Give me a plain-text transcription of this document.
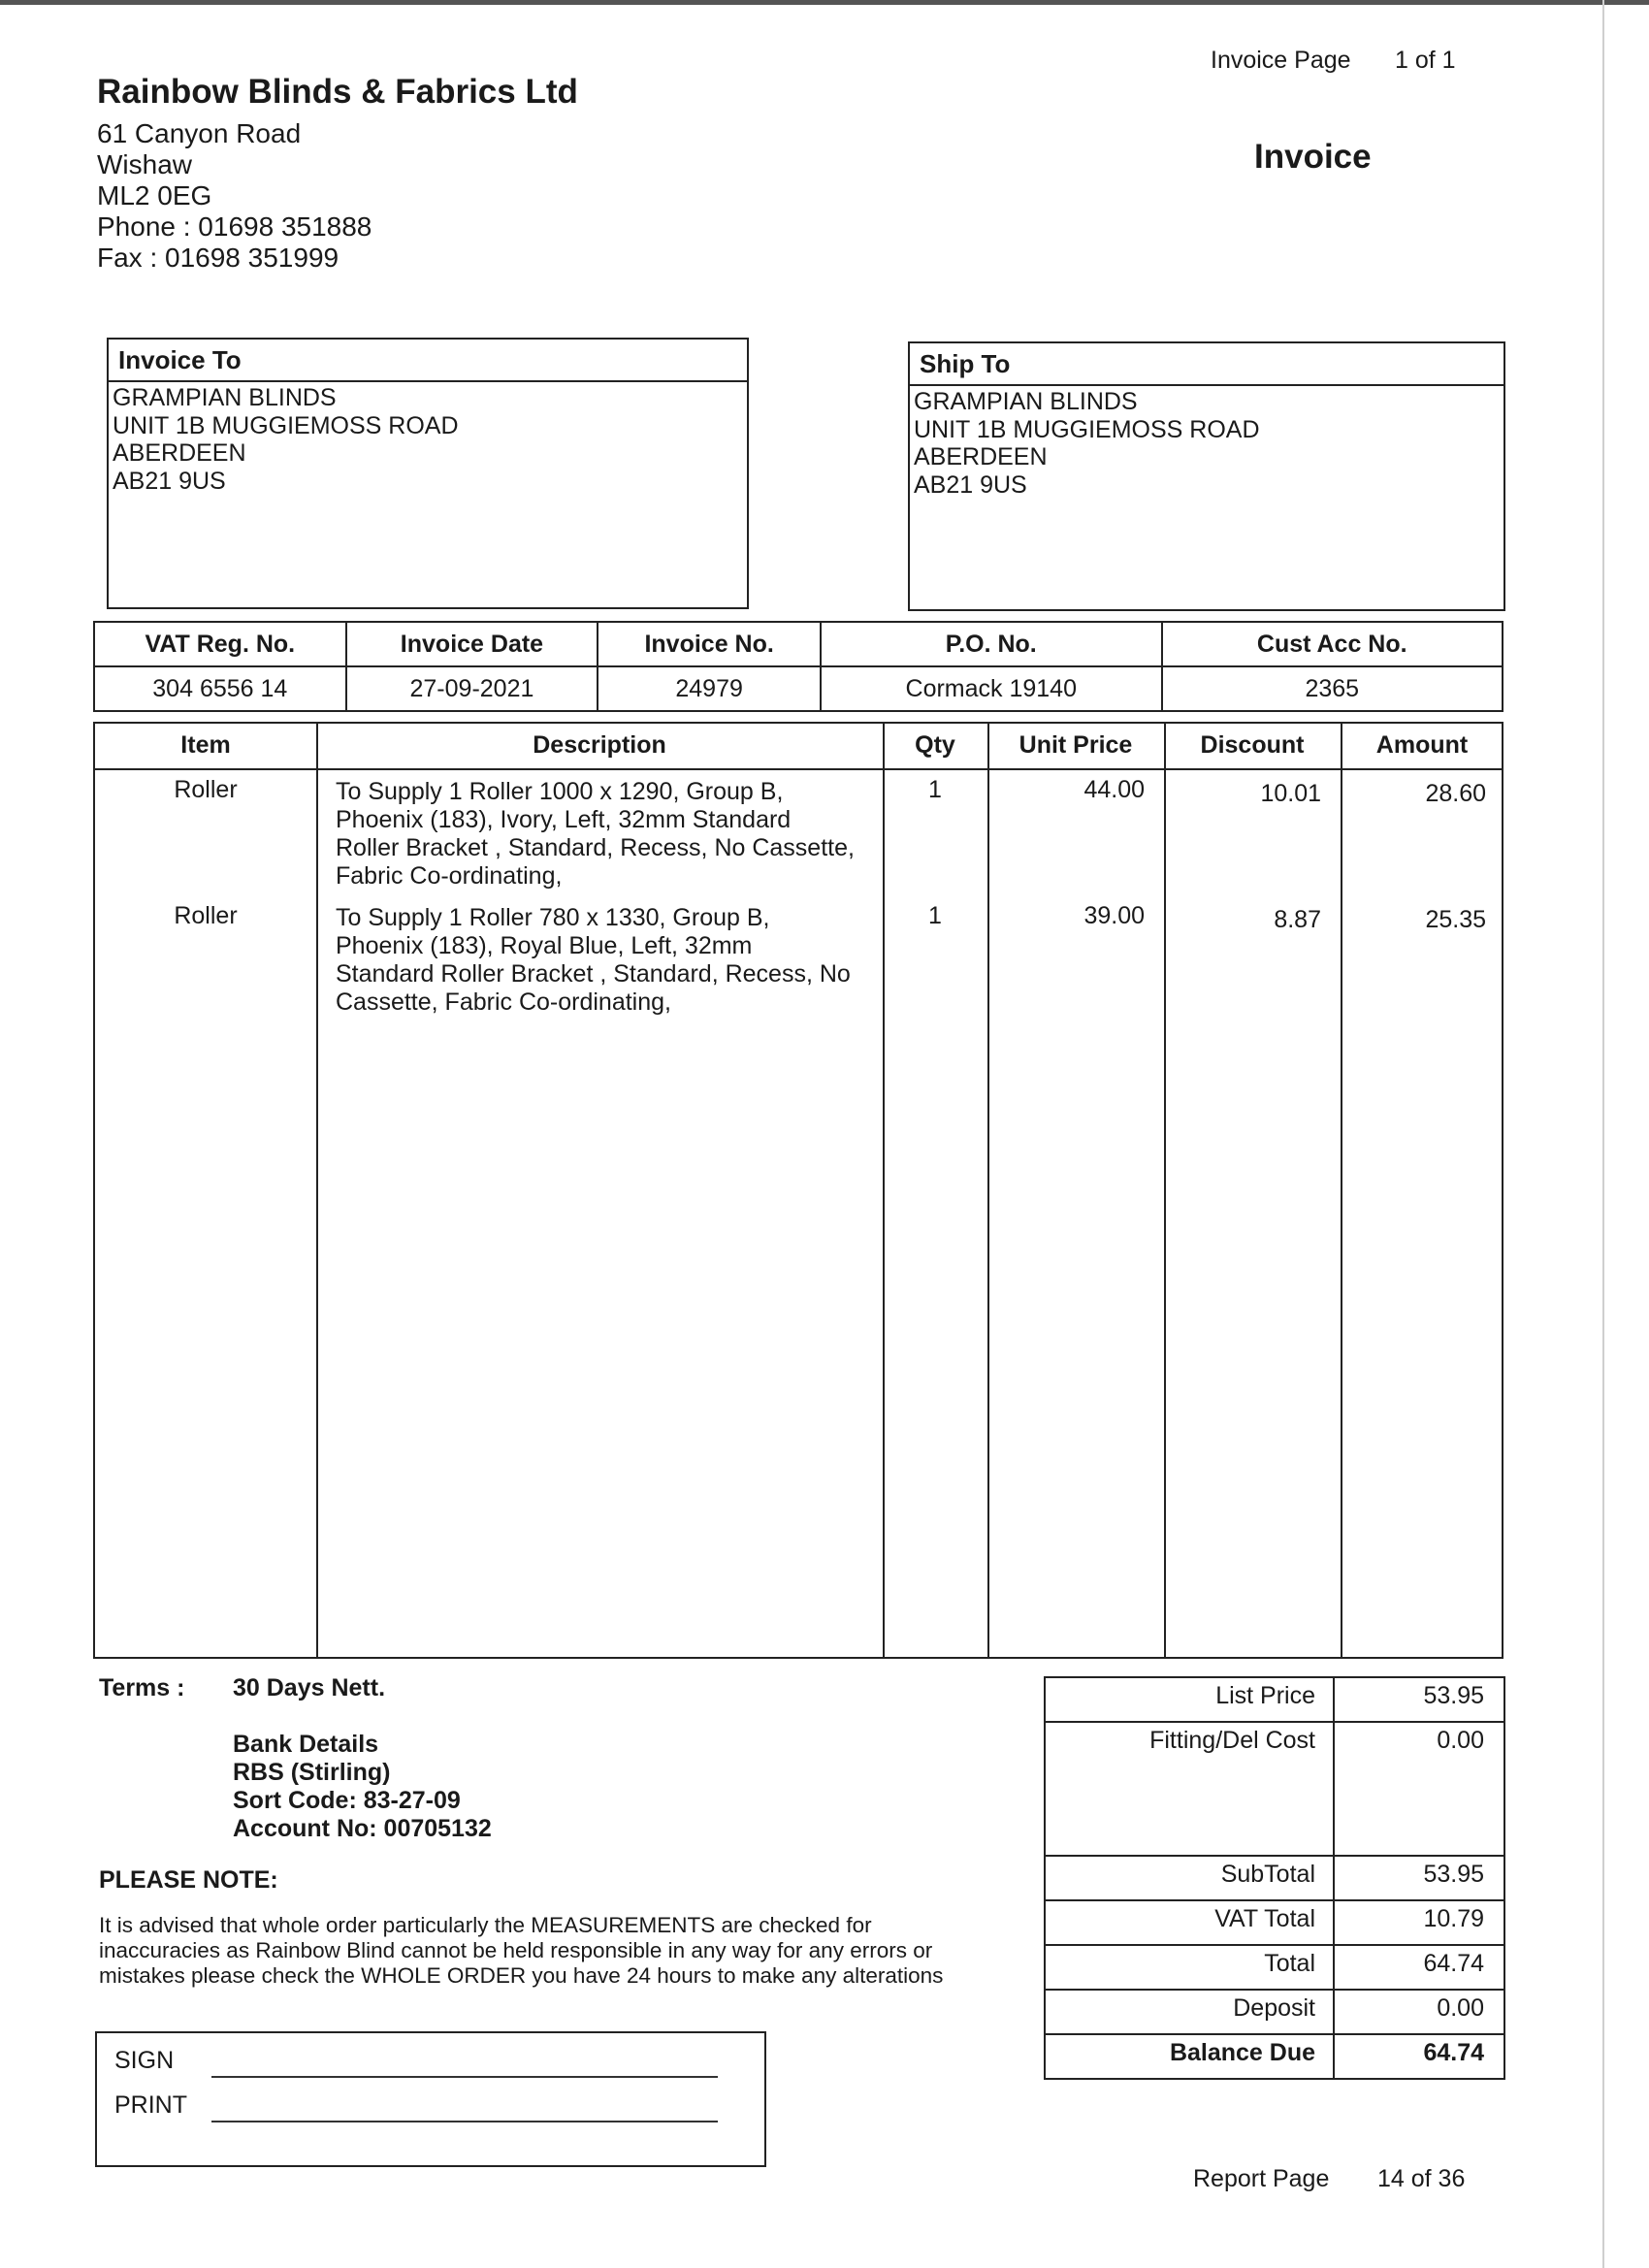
Invoice Page 1 of 1
Rainbow Blinds & Fabrics Ltd
61 Canyon Road
Wishaw
ML2 0EG
Phone : 01698 351888
Fax : 01698 351999
Invoice
Invoice To
GRAMPIAN BLINDS
UNIT 1B MUGGIEMOSS ROAD
ABERDEEN
AB21 9US
Ship To
GRAMPIAN BLINDS
UNIT 1B MUGGIEMOSS ROAD
ABERDEEN
AB21 9US
VAT Reg. No.	Invoice Date	Invoice No.	P.O. No.	Cust Acc No.
304 6556 14	27-09-2021	24979	Cormack 19140	2365
Item	Description	Qty	Unit Price	Discount	Amount
Roller	To Supply 1 Roller 1000 x 1290, Group B,
Phoenix (183), Ivory, Left, 32mm Standard
Roller Bracket , Standard, Recess, No Cassette,
Fabric Co-ordinating,
1	44.00	10.01	28.60
Roller	To Supply 1 Roller 780 x 1330, Group B,
Phoenix (183), Royal Blue, Left, 32mm
Standard Roller Bracket , Standard, Recess, No
Cassette, Fabric Co-ordinating,
1	39.00	8.87	25.35
Terms : 30 Days Nett.
Bank Details
RBS (Stirling)
Sort Code: 83-27-09
Account No: 00705132
PLEASE NOTE:
It is advised that whole order particularly the MEASUREMENTS are checked for
inaccuracies as Rainbow Blind cannot be held responsible in any way for any errors or
mistakes please check the WHOLE ORDER you have 24 hours to make any alterations
SIGN
PRINT
List Price	53.95
Fitting/Del Cost	0.00
SubTotal	53.95
VAT Total	10.79
Total	64.74
Deposit	0.00
Balance Due	64.74
Report Page 14 of 36
